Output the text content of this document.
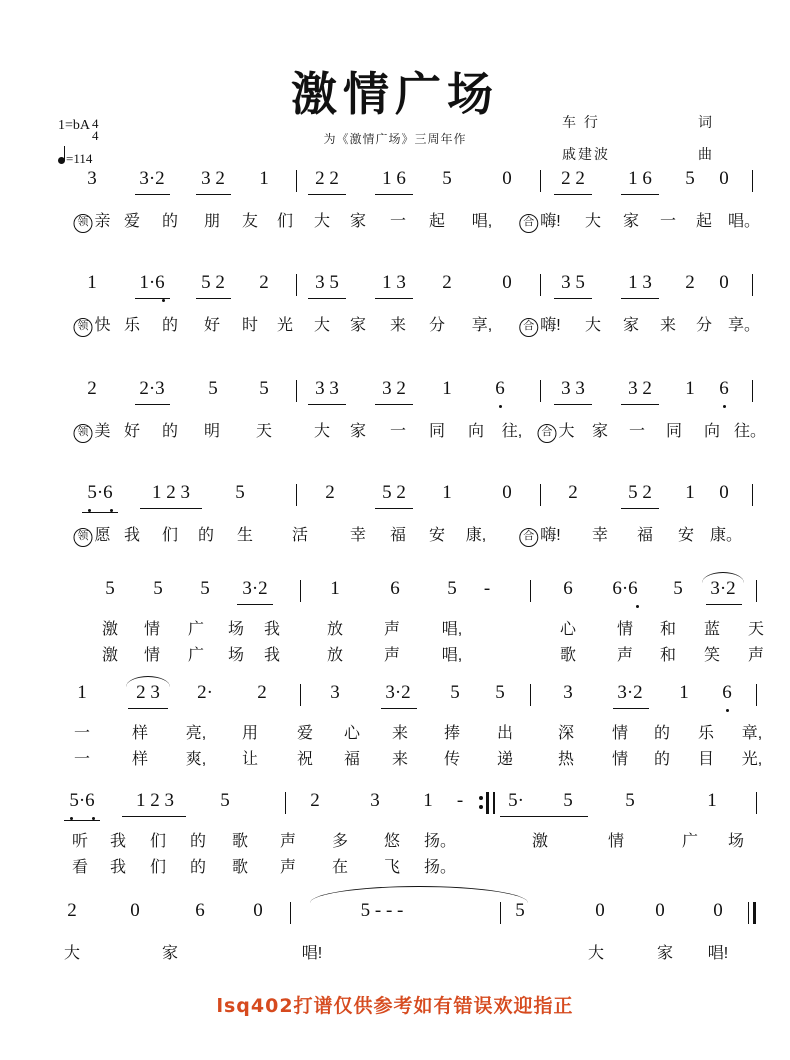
激情广场
为《激情广场》三周年作
车 行	词
戚建波	曲
1=bA 4
4
=114
3 3·2 3 2 1 2 2 1 6 5	0	2 2 1 6 5 0
领 亲 爱 的 朋 友 们 大 家 一 起 唱,	合 嗨! 大 家 一 起 唱。
1 1·6 5 2 2 3 5 1 3 2	0	3 5 1 3 2 0
领 快 乐 的 好 时 光 大 家 来 分 享,	合 嗨! 大 家 来 分 享。
2 2·3 5 5 3 3 3 2 1 6	3 3 3 2 1 6
领 美 好 的 明 天	大 家 一 同 向 往,	合 大 家 一 同 向 往。
5·6 1 2 3 5	2 5 2 1	0	2	5 2 1 0
领 愿 我 们 的 生 活	幸 福 安 康,	合 嗨! 幸 福 安 康。
5 5 5 3·2	1	6	5 -	6 6·6 5 3·2
激 情 广 场 我	放	声	唱,	心	情 和 蓝 天
激 情 广 场 我	放	声	唱,	歌	声 和 笑 声
1	2 3 2· 2	3 3·2 5 5	3 3·2 1 6
一	样 亮, 用 爱 心 来 捧 出	深 情 的 乐 章,
一	样 爽, 让 祝 福 来 传 递	热 情 的 目 光,
5·6 1 2 3 5	2	3 1 - 5· 5	5	1
听 我 们 的 歌 声 多 悠 扬。	激	情	广 场
看 我 们 的 歌 声 在 飞 扬。
2	0	6	0	5 - - -	5	0	0	0
大	家	唱!	大	家 唱!
lsq402打谱仅供参考如有错误欢迎指正
